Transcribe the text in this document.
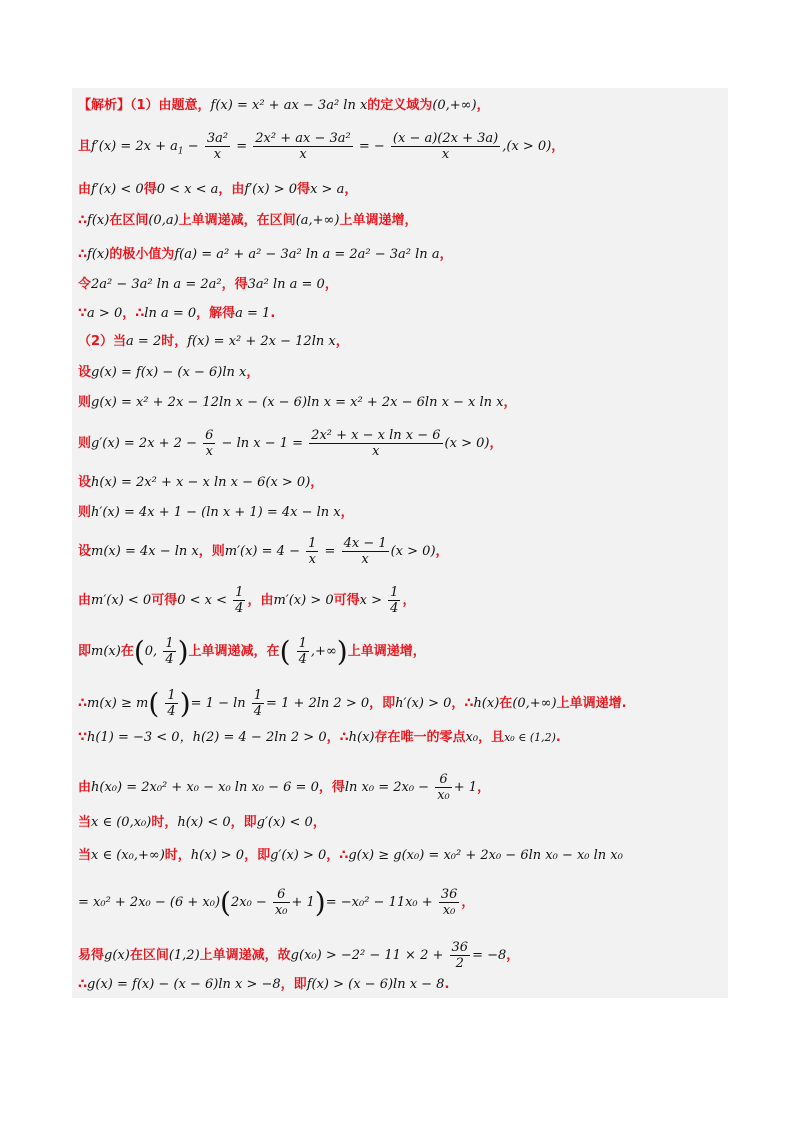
【解析】（1）由题意，f(x) = x² + ax − 3a² ln x的定义域为(0,+∞)，
且$f'(x) = 2x + a_1 - \frac{\text{3a²}}{x} = \frac{\text{2x² + ax − 3a²}}{x}$ = − $\frac{(x - a)(2x + 3a)}{x} ,(x > 0)$，
由f′(x) < 0得0 < x < a，由f′(x) > 0得x > a，
∴f(x)在区间(0,a)上单调递减，在区间(a,+∞)上单调递增，
∴f(x)的极小值为f(a) = a² + a² − 3a² ln a = 2a² − 3a² ln a，
令2a² − 3a² ln a = 2a²，得3a² ln a = 0，
∵a > 0，∴ln a = 0，解得a = 1.
（2）当a = 2时，f(x) = x² + 2x − 12ln x，
设g(x) = f(x) − (x − 6)ln x，
则g(x) = x² + 2x − 12ln x − (x − 6)ln x = x² + 2x − 6ln x − x ln x，
则$g'(x) = 2x + 2 - \frac{6}{x} - \ln x - 1 = \frac{\text{2x² + x − x ln x − 6}}{x} (x > 0)$，
设h(x) = 2x² + x − x ln x − 6(x > 0)，
则h′(x) = 4x + 1 − (ln x + 1) = 4x − ln x，
设m(x) = 4x − ln x，则$m'(x) = 4 - \frac{1}{x} = \frac{4x - 1}{x} (x > 0)$，
由m′(x) < 0可得$0 < x < \frac{1}{4}$ ，由m′(x) > 0可得$x > \frac{1}{4}$ ，
即m(x)在(0, $\frac{1}{4}$ )上单调递减，在( $\frac{1}{4}$ ,+∞)上单调递增，
∴m(x) ≥ $m( \frac{1}{4}$ )= $1 - \ln \frac{1}{4} = 1 + 2\ln$ 2 > 0，即h′(x) > 0，∴h(x)在(0,+∞)上单调递增.
∵h(1) = −3 < 0，h(2) = 4 − 2ln 2 > 0，∴h(x)存在唯一的零点x₀，且x₀ ∈ (1,2).
由h(x₀) = 2x₀² + x₀ − x₀ ln x₀ − 6 = 0，得$\ln x_0 = 2x_0 - \frac{6}{\text{x₀}} + 1$，
当x ∈ (0,x₀)时，h(x) < 0，即g′(x) < 0，
当x ∈ (x₀,+∞)时，h(x) > 0，即g′(x) > 0，∴g(x) ≥ g(x₀) = x₀² + 2x₀ − 6ln x₀ − x₀ ln x₀
= $x_0^2 + 2x_0 - (6 + x_0)(2x_0 - \frac{6}{\text{x₀}} + 1)= -x_0^2 - 11x_0 + \frac{36}{\text{x₀}}$ ，
易得g(x)在区间(1,2)上单调递减，故$g(x_0) > -2^2 - 11 \times 2 + \frac{36}{2} = -8$，
∴g(x) = f(x) − (x − 6)ln x > −8，即f(x) > (x − 6)ln x − 8.
